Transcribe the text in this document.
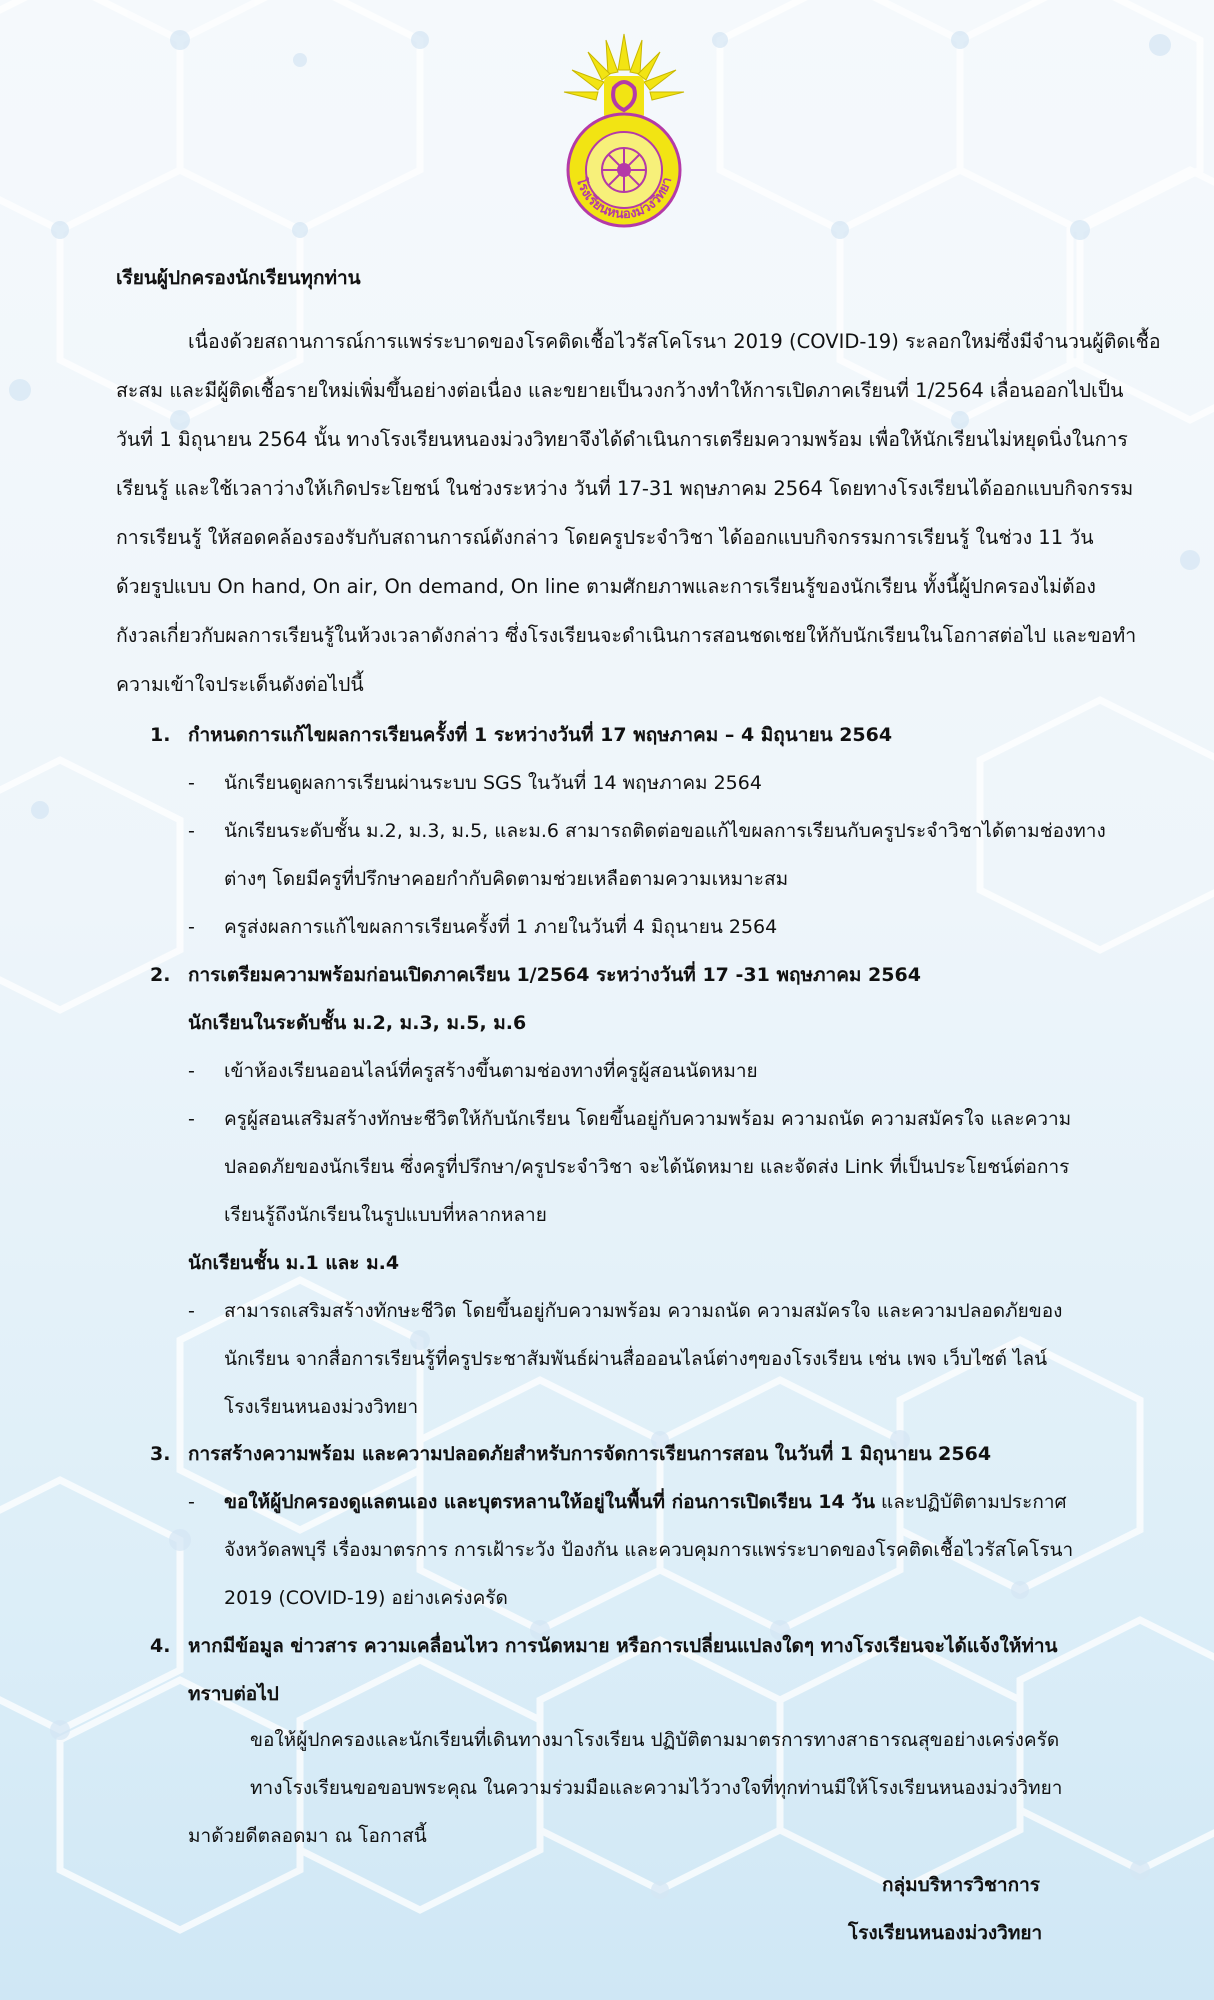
โรงเรียนหนองม่วงวิทยา
เรียนผู้ปกครองนักเรียนทุกท่าน

เนื่องด้วยสถานการณ์การแพร่ระบาดของโรคติดเชื้อไวรัสโคโรนา 2019 (COVID-19) ระลอกใหม่ซึ่งมีจำนวนผู้ติดเชื้อ
สะสม และมีผู้ติดเชื้อรายใหม่เพิ่มขึ้นอย่างต่อเนื่อง และขยายเป็นวงกว้างทำให้การเปิดภาคเรียนที่ 1/2564 เลื่อนออกไปเป็น
วันที่ 1 มิถุนายน 2564 นั้น ทางโรงเรียนหนองม่วงวิทยาจึงได้ดำเนินการเตรียมความพร้อม เพื่อให้นักเรียนไม่หยุดนิ่งในการ
เรียนรู้ และใช้เวลาว่างให้เกิดประโยชน์ ในช่วงระหว่าง วันที่ 17-31 พฤษภาคม 2564 โดยทางโรงเรียนได้ออกแบบกิจกรรม
การเรียนรู้ ให้สอดคล้องรองรับกับสถานการณ์ดังกล่าว โดยครูประจำวิชา ได้ออกแบบกิจกรรมการเรียนรู้ ในช่วง 11 วัน
ด้วยรูปแบบ On hand, On air, On demand, On line ตามศักยภาพและการเรียนรู้ของนักเรียน ทั้งนี้ผู้ปกครองไม่ต้อง
กังวลเกี่ยวกับผลการเรียนรู้ในห้วงเวลาดังกล่าว ซึ่งโรงเรียนจะดำเนินการสอนชดเชยให้กับนักเรียนในโอกาสต่อไป และขอทำ
ความเข้าใจประเด็นดังต่อไปนี้

1. กำหนดการแก้ไขผลการเรียนครั้งที่ 1 ระหว่างวันที่ 17 พฤษภาคม – 4 มิถุนายน 2564
-	นักเรียนดูผลการเรียนผ่านระบบ SGS ในวันที่ 14 พฤษภาคม 2564
-	นักเรียนระดับชั้น ม.2, ม.3, ม.5, และม.6 สามารถติดต่อขอแก้ไขผลการเรียนกับครูประจำวิชาได้ตามช่องทาง
ต่างๆ โดยมีครูที่ปรึกษาคอยกำกับคิดตามช่วยเหลือตามความเหมาะสม
-	ครูส่งผลการแก้ไขผลการเรียนครั้งที่ 1 ภายในวันที่ 4 มิถุนายน 2564
2. การเตรียมความพร้อมก่อนเปิดภาคเรียน 1/2564 ระหว่างวันที่ 17 -31 พฤษภาคม 2564
นักเรียนในระดับชั้น ม.2, ม.3, ม.5, ม.6
-	เข้าห้องเรียนออนไลน์ที่ครูสร้างขึ้นตามช่องทางที่ครูผู้สอนนัดหมาย
-	ครูผู้สอนเสริมสร้างทักษะชีวิตให้กับนักเรียน โดยขึ้นอยู่กับความพร้อม ความถนัด ความสมัครใจ และความ
ปลอดภัยของนักเรียน ซึ่งครูที่ปรึกษา/ครูประจำวิชา จะได้นัดหมาย และจัดส่ง Link ที่เป็นประโยชน์ต่อการ
เรียนรู้ถึงนักเรียนในรูปแบบที่หลากหลาย
นักเรียนชั้น ม.1 และ ม.4
-	สามารถเสริมสร้างทักษะชีวิต โดยขึ้นอยู่กับความพร้อม ความถนัด ความสมัครใจ และความปลอดภัยของ
นักเรียน จากสื่อการเรียนรู้ที่ครูประชาสัมพันธ์ผ่านสื่อออนไลน์ต่างๆของโรงเรียน เช่น เพจ เว็บไซต์ ไลน์
โรงเรียนหนองม่วงวิทยา
3. การสร้างความพร้อม และความปลอดภัยสำหรับการจัดการเรียนการสอน ในวันที่ 1 มิถุนายน 2564
-	ขอให้ผู้ปกครองดูแลตนเอง และบุตรหลานให้อยู่ในพื้นที่ ก่อนการเปิดเรียน 14 วัน และปฏิบัติตามประกาศ
จังหวัดลพบุรี เรื่องมาตรการ การเฝ้าระวัง ป้องกัน และควบคุมการแพร่ระบาดของโรคติดเชื้อไวรัสโคโรนา
2019 (COVID-19) อย่างเคร่งครัด
4. หากมีข้อมูล ข่าวสาร ความเคลื่อนไหว การนัดหมาย หรือการเปลี่ยนแปลงใดๆ ทางโรงเรียนจะได้แจ้งให้ท่าน
ทราบต่อไป
ขอให้ผู้ปกครองและนักเรียนที่เดินทางมาโรงเรียน ปฏิบัติตามมาตรการทางสาธารณสุขอย่างเคร่งครัด
ทางโรงเรียนขอขอบพระคุณ ในความร่วมมือและความไว้วางใจที่ทุกท่านมีให้โรงเรียนหนองม่วงวิทยา
มาด้วยดีตลอดมา ณ โอกาสนี้
กลุ่มบริหารวิชาการ
โรงเรียนหนองม่วงวิทยา
